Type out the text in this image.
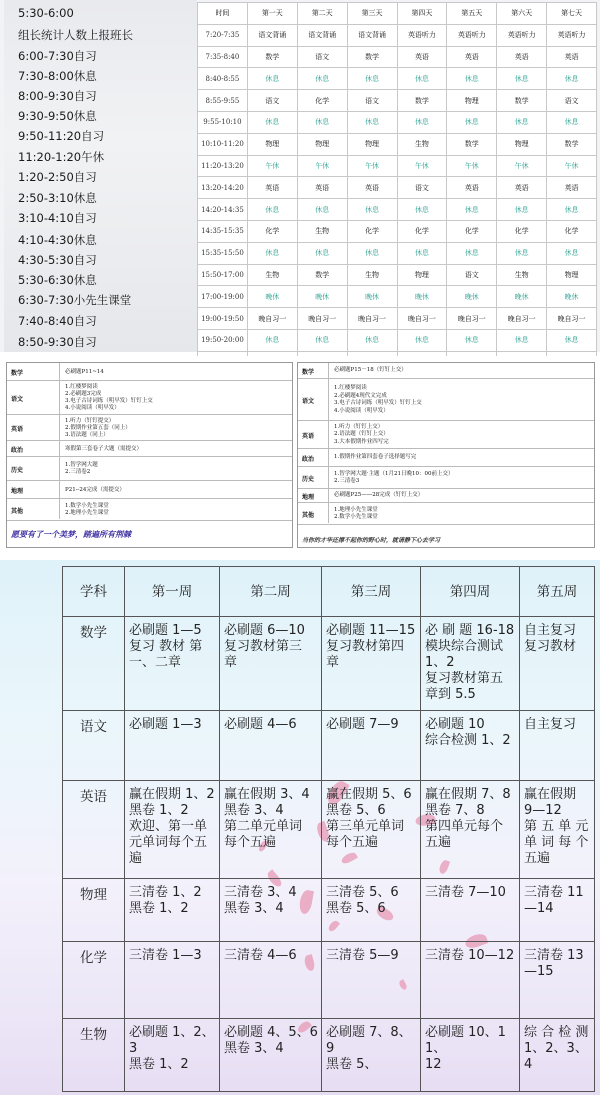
5:30-6:00
组长统计人数上报班长
6:00-7:30自习
7:30-8:00休息
8:00-9:30自习
9:30-9:50休息
9:50-11:20自习
11:20-1:20午休
1:20-2:50自习
2:50-3:10休息
3:10-4:10自习
4:10-4:30休息
4:30-5:30自习
5:30-6:30休息
6:30-7:30小先生课堂
7:40-8:40自习
8:50-9:30自习
时间	第一天	第二天	第三天	第四天	第五天	第六天	第七天
7:20-7:35	语文背诵	语文背诵	语文背诵	英语听力	英语听力	英语听力	英语听力
7:35-8:40	数学	语文	数学	英语	英语	英语	英语
8:40-8:55	休息	休息	休息	休息	休息	休息	休息
8:55-9:55	语文	化学	语文	数学	物理	数学	语文
9:55-10:10	休息	休息	休息	休息	休息	休息	休息
10:10-11:20	物理	物理	物理	生物	数学	物理	数学
11:20-13:20	午休	午休	午休	午休	午休	午休	午休
13:20-14:20	英语	英语	英语	语文	英语	英语	英语
14:20-14:35	休息	休息	休息	休息	休息	休息	休息
14:35-15:35	化学	生物	化学	化学	化学	化学	化学
15:35-15:50	休息	休息	休息	休息	休息	休息	休息
15:50-17:00	生物	数学	生物	物理	语文	生物	物理
17:00-19:00	晚休	晚休	晚休	晚休	晚休	晚休	晚休
19:00-19:50	晚自习一	晚自习一	晚自习一	晚自习一	晚自习一	晚自习一	晚自习一
19:50-20:00	休息	休息	休息	休息	休息	休息	休息

数学	必刷题P11~14
语文
1.红楼梦阅读
2.必刷题3完成
3.电子古诗词练（明早发）钉钉上交
4.小说阅读（明早发）
英语
1.听力（钉钉提交）
2.假期作业第五套（同上）
3.语法题（同上）
政治	寒假第三套卷子大题（需提交）
历史
1.智学网大题
2.三清卷2
地理	P21--24完成（需提交）
其他
1.数学小先生课堂
2.地理小先生课堂
愿要有了一个美梦，踏遍所有荆棘
数学	必刷题P15－18（钉钉上交）
语文
1.红楼梦阅读
2.必刷题4现代文完成
3.电子古诗词练（明早发）钉钉上交
4.小说阅读（明早发）
英语
1.听力（钉钉上交）
2.语法题（钉钉上交）
3.大本假期作业四写完
政治	1.假期作业第四套卷子选择题写完
历史
1.智学网大题·主题（1月21日晚10：00前上交）
2.三清卷3
地理	必刷题P25——28完成（钉钉上交）
其他
1.地理小先生课堂
2.数学小先生课堂
当你的才华还撑不起你的野心时，就请静下心去学习
学科	第一周	第二周	第三周	第四周	第五周
数学	必刷题 1—5
复习 教材 第
一、二章	必刷题 6—10
复习教材第三
章	必刷题 11—15
复习教材第四
章	必 刷 题 16-18
模块综合测试
1、2
复习教材第五
章到 5.5	自主复习
复习教材

语文	必刷题 1—3	必刷题 4—6	必刷题 7—9	必刷题 10
综合检测 1、2	自主复习

英语	赢在假期 1、2
黑卷 1、2
欢迎、第一单
元单词每个五
遍	赢在假期 3、4
黑卷 3、4
第二单元单词
每个五遍	赢在假期 5、6
黑卷 5、6
第三单元单词
每个五遍	赢在假期 7、8
黑卷 7、8
第四单元每个
五遍	赢在假期
9—12
第 五 单 元
单 词 每 个
五遍

物理	三清卷 1、2
黑卷 1、2	三清卷 3、4
黑卷 3、4	三清卷 5、6
黑卷 5、6	三清卷 7—10	三清卷 11
—14

化学	三清卷 1—3	三清卷 4—6	三清卷 5—9	三清卷 10—12	三清卷 13
—15

生物	必刷题 1、2、3
黑卷 1、2	必刷题 4、5、6
黑卷 3、4	必刷题 7、8、9
黑卷 5、	必刷题 10、11、
12	综 合 检 测
1、2、3、4
